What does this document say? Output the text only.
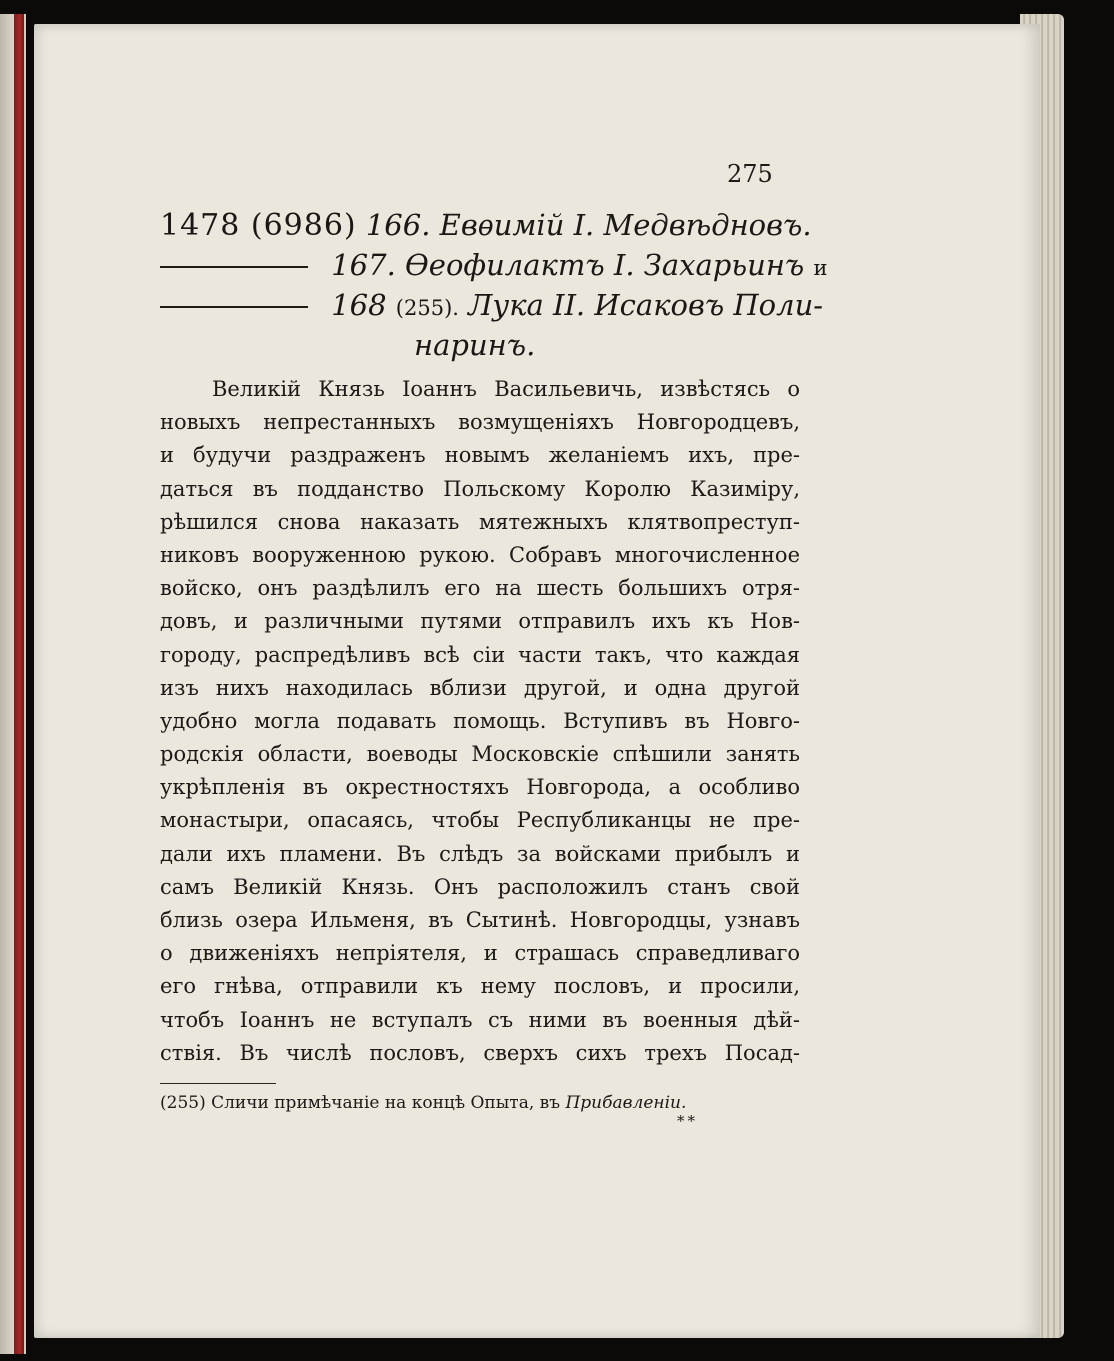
275
1478 (6986) 166. Евѳимій I. Медвѣдновъ.
167. Ѳеофилактъ I. Захарьинъ и
168 (255). Лука II. Исаковъ Поли-
наринъ.
Великій Князь Іоаннъ Васильевичь, извѣстясь о
новыхъ непрестанныхъ возмущеніяхъ Новгородцевъ,
и будучи раздраженъ новымъ желаніемъ ихъ, пре-
даться въ подданство Польскому Королю Казиміру,
рѣшился снова наказать мятежныхъ клятвопреступ-
никовъ вооруженною рукою. Собравъ многочисленное
войско, онъ раздѣлилъ его на шесть большихъ отря-
довъ, и различными путями отправилъ ихъ къ Нов-
городу, распредѣливъ всѣ сіи части такъ, что каждая
изъ нихъ находилась вблизи другой, и одна другой
удобно могла подавать помощь. Вступивъ въ Новго-
родскія области, воеводы Московскіе спѣшили занять
укрѣпленія въ окрестностяхъ Новгорода, а особливо
монастыри, опасаясь, чтобы Республиканцы не пре-
дали ихъ пламени. Въ слѣдъ за войсками прибылъ и
самъ Великій Князь. Онъ расположилъ станъ свой
близь озера Ильменя, въ Сытинѣ. Новгородцы, узнавъ
о движеніяхъ непріятеля, и страшась справедливаго
его гнѣва, отправили къ нему пословъ, и просили,
чтобъ Іоаннъ не вступалъ съ ними въ военныя дѣй-
ствія. Въ числѣ пословъ, сверхъ сихъ трехъ Посад-
(255) Сличи примѣчаніе на концѣ Опыта, въ Прибавленіи.
**
